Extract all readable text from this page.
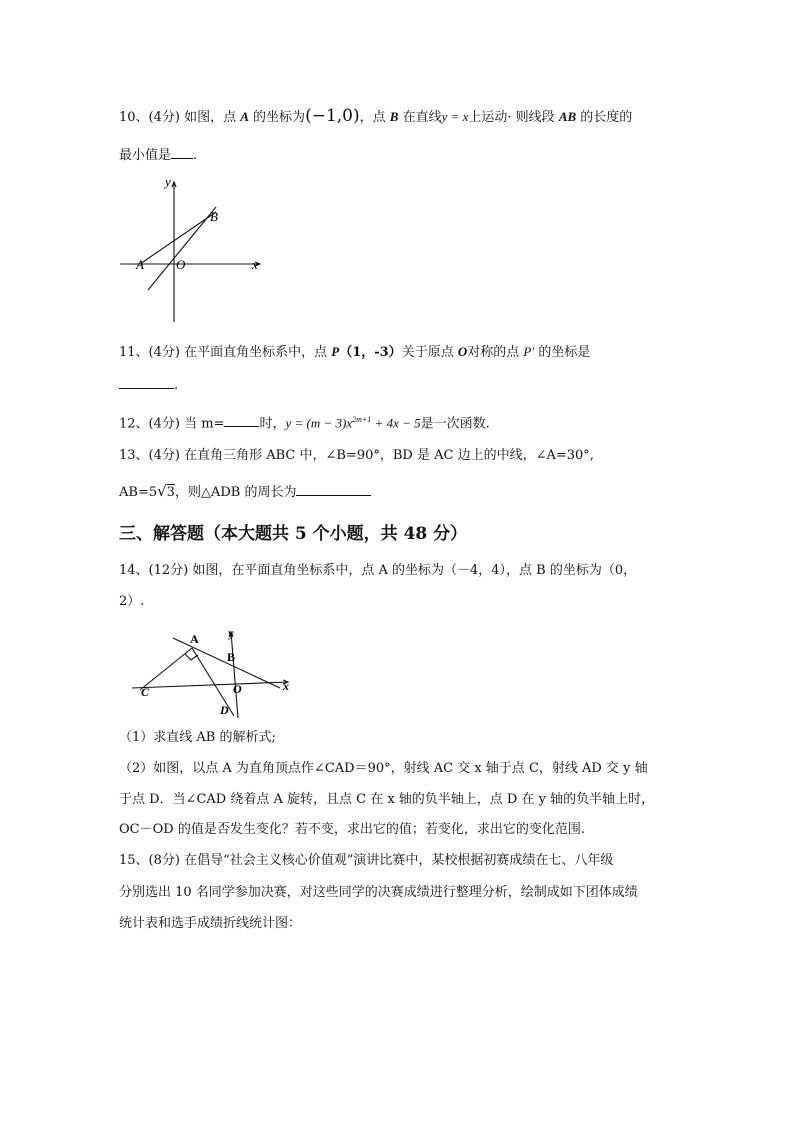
10、(4分) 如图，点 A 的坐标为(−1,0)，点 B 在直线y = x上运动· 则线段 AB 的长度的
最小值是 .
y
x
A O
B
11、(4分) 在平面直角坐标系中，点 P（1，-3）关于原点 O对称的点 P′ 的坐标是
.
12、(4分) 当 m=	时，$y = (m - 3)x^{2m+1} + 4x - 5$是一次函数.
13、(4分) 在直角三角形 ABC 中，∠B=90°，BD 是 AC 边上的中线，∠A=30°,
AB=5√3，则△ADB 的周长为
三、解答题（本大题共 5 个小题，共 48 分）
14、(12分) 如图，在平面直角坐标系中，点 A 的坐标为（－4，4），点 B 的坐标为（0，
2）.
A y
B
C	O
D
x
（1）求直线 AB 的解析式;
（2）如图，以点 A 为直角顶点作∠CAD＝90°，射线 AC 交 x 轴于点 C，射线 AD 交 y 轴
于点 D．当∠CAD 绕着点 A 旋转，且点 C 在 x 轴的负半轴上，点 D 在 y 轴的负半轴上时，
OC－OD 的值是否发生变化？若不变，求出它的值；若变化，求出它的变化范围.
15、(8分) 在倡导“社会主义核心价值观”演讲比赛中，某校根据初赛成绩在七、八年级
分别选出 10 名同学参加决赛，对这些同学的决赛成绩进行整理分析，绘制成如下团体成绩
统计表和选手成绩折线统计图：
